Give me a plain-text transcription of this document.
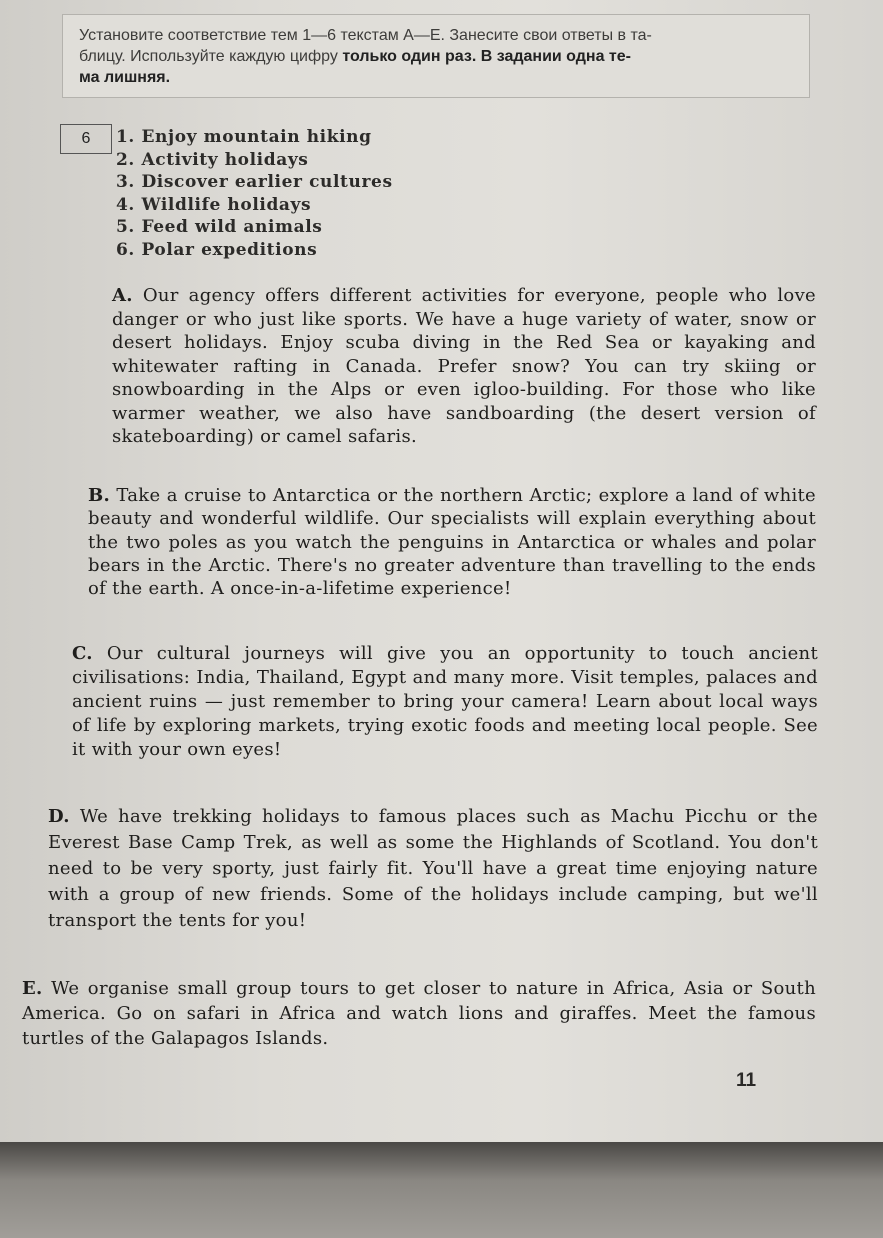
Установите соответствие тем 1—6 текстам А—Е. Занесите свои ответы в та-
блицу. Используйте каждую цифру только один раз. В задании одна те-
ма лишняя.
6	1. Enjoy mountain hiking
2. Activity holidays
3. Discover earlier cultures
4. Wildlife holidays
5. Feed wild animals
6. Polar expeditions
A. Our agency offers different activities for everyone, people who love danger or who just like sports. We have a huge variety of water, snow or desert holidays. Enjoy scuba diving in the Red Sea or kayaking and whitewater rafting in Canada. Prefer snow? You can try skiing or snowboarding in the Alps or even igloo-building. For those who like warmer weather, we also have sandboarding (the desert version of skateboarding) or camel safaris.
B. Take a cruise to Antarctica or the northern Arctic; explore a land of white beauty and wonderful wildlife. Our specialists will explain everything about the two poles as you watch the penguins in Antarctica or whales and polar bears in the Arctic. There's no greater adventure than travelling to the ends of the earth. A once-in-a-lifetime experience!
C. Our cultural journeys will give you an opportunity to touch ancient civilisations: India, Thailand, Egypt and many more. Visit temples, palaces and ancient ruins — just remember to bring your camera! Learn about local ways of life by exploring markets, trying exotic foods and meeting local people. See it with your own eyes!
D. We have trekking holidays to famous places such as Machu Picchu or the Everest Base Camp Trek, as well as some the Highlands of Scotland. You don't need to be very sporty, just fairly fit. You'll have a great time enjoying nature with a group of new friends. Some of the holidays include camping, but we'll transport the tents for you!
E. We organise small group tours to get closer to nature in Africa, Asia or South America. Go on safari in Africa and watch lions and giraffes. Meet the famous turtles of the Galapagos Islands.
11
